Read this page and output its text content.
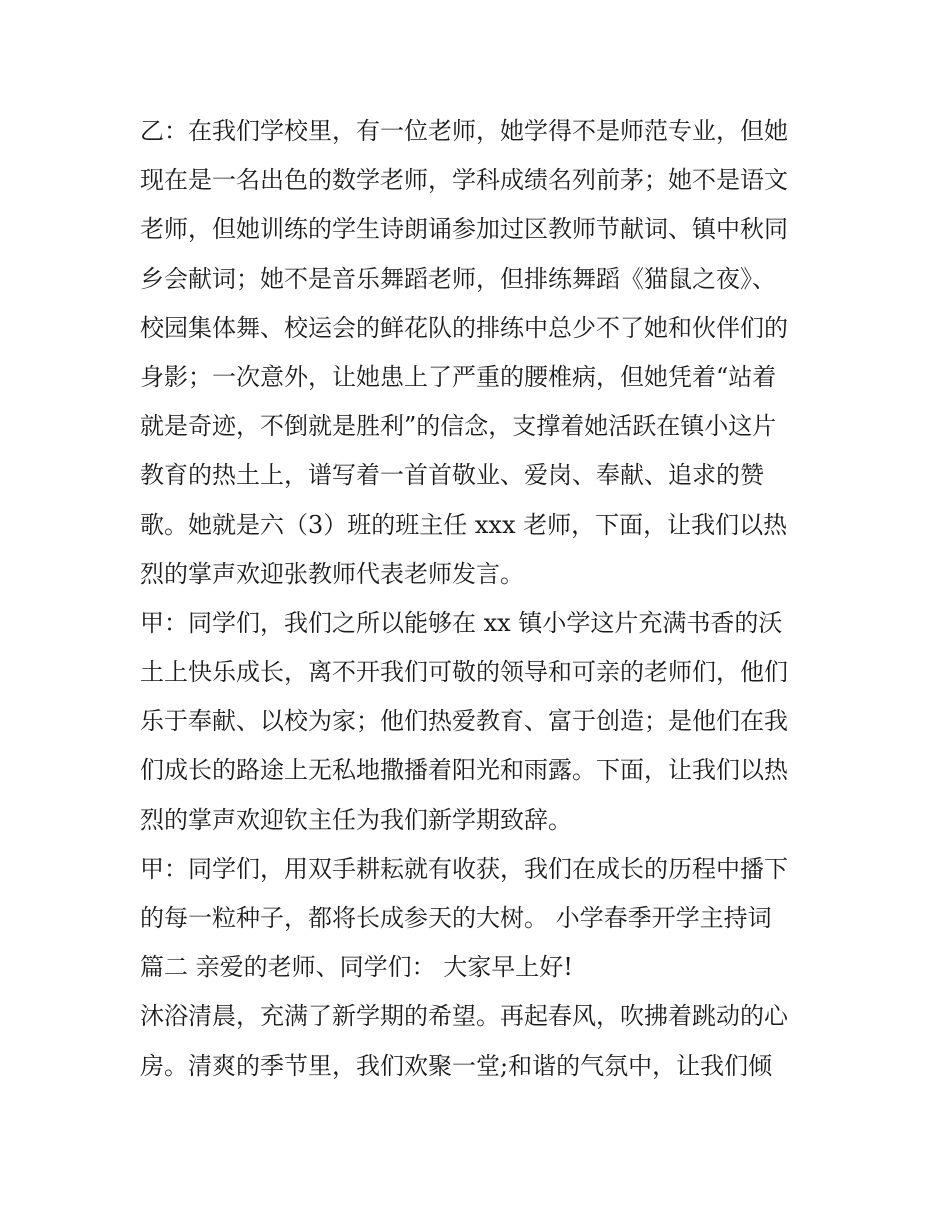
乙：在我们学校里，有一位老师，她学得不是师范专业，但她
现在是一名出色的数学老师，学科成绩名列前茅；她不是语文
老师，但她训练的学生诗朗诵参加过区教师节献词、镇中秋同
乡会献词；她不是音乐舞蹈老师，但排练舞蹈《猫鼠之夜》、
校园集体舞、校运会的鲜花队的排练中总少不了她和伙伴们的
身影；一次意外，让她患上了严重的腰椎病，但她凭着“站着
就是奇迹，不倒就是胜利”的信念，支撑着她活跃在镇小这片
教育的热土上，谱写着一首首敬业、爱岗、奉献、追求的赞
歌。她就是六（3）班的班主任 xxx 老师，下面，让我们以热
烈的掌声欢迎张教师代表老师发言。
甲：同学们，我们之所以能够在 xx 镇小学这片充满书香的沃
土上快乐成长，离不开我们可敬的领导和可亲的老师们，他们
乐于奉献、以校为家；他们热爱教育、富于创造；是他们在我
们成长的路途上无私地撒播着阳光和雨露。下面，让我们以热
烈的掌声欢迎钦主任为我们新学期致辞。
甲：同学们，用双手耕耘就有收获，我们在成长的历程中播下
的每一粒种子，都将长成参天的大树。 小学春季开学主持词
篇二 亲爱的老师、同学们： 大家早上好!
沐浴清晨，充满了新学期的希望。再起春风，吹拂着跳动的心
房。清爽的季节里，我们欢聚一堂;和谐的气氛中，让我们倾
